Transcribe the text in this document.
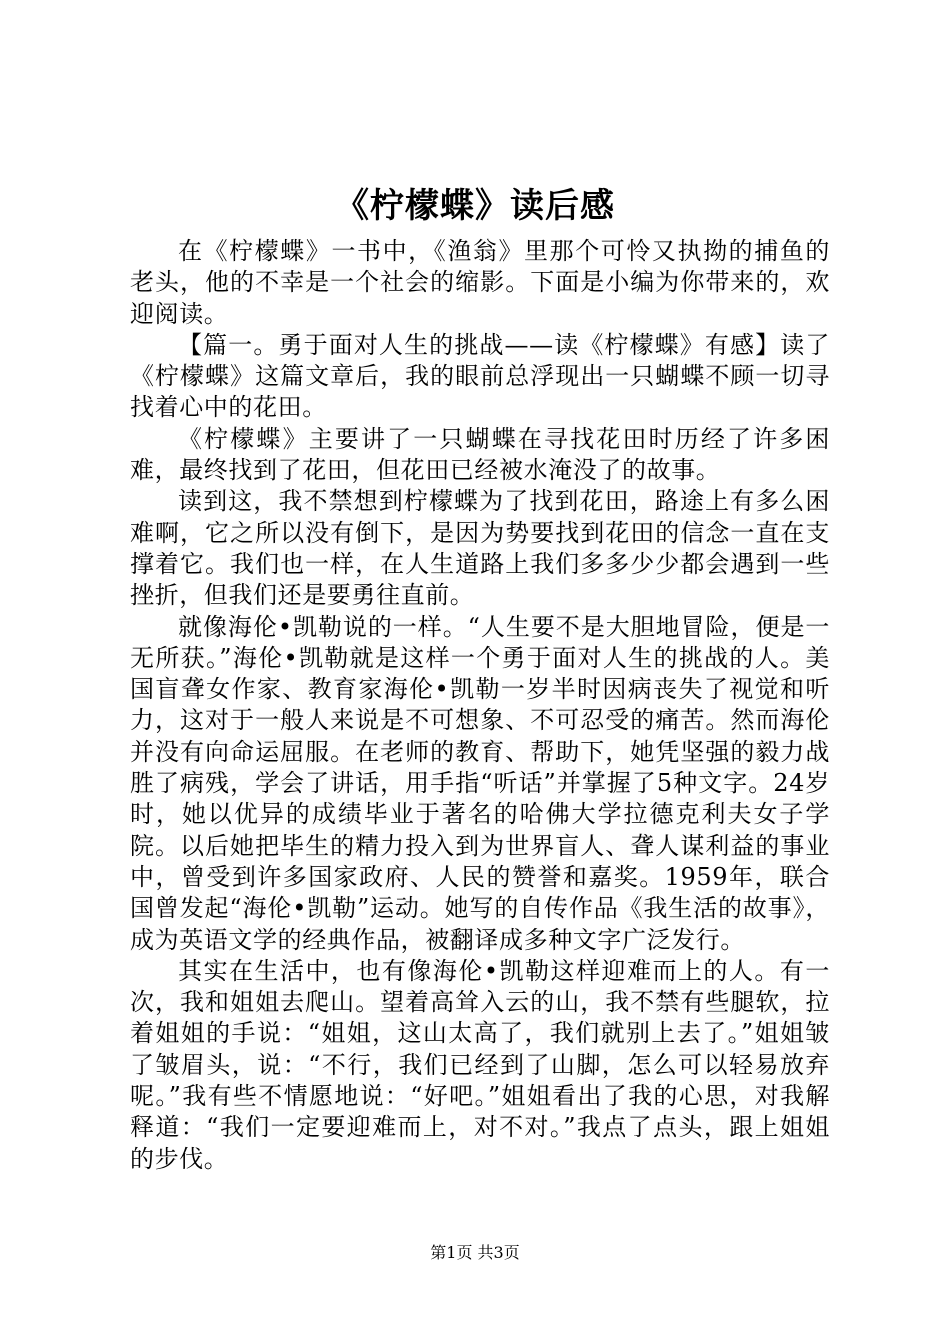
《柠檬蝶》读后感

在《柠檬蝶》一书中，《渔翁》里那个可怜又执拗的捕鱼的老头，他的不幸是一个社会的缩影。下面是小编为你带来的，欢迎阅读。

【篇一。勇于面对人生的挑战——读《柠檬蝶》有感】读了《柠檬蝶》这篇文章后，我的眼前总浮现出一只蝴蝶不顾一切寻找着心中的花田。

《柠檬蝶》主要讲了一只蝴蝶在寻找花田时历经了许多困难，最终找到了花田，但花田已经被水淹没了的故事。

读到这，我不禁想到柠檬蝶为了找到花田，路途上有多么困难啊，它之所以没有倒下，是因为势要找到花田的信念一直在支撑着它。我们也一样，在人生道路上我们多多少少都会遇到一些挫折，但我们还是要勇往直前。

就像海伦•凯勒说的一样。“人生要不是大胆地冒险，便是一无所获。”海伦•凯勒就是这样一个勇于面对人生的挑战的人。美国盲聋女作家、教育家海伦•凯勒一岁半时因病丧失了视觉和听力，这对于一般人来说是不可想象、不可忍受的痛苦。然而海伦并没有向命运屈服。在老师的教育、帮助下，她凭坚强的毅力战胜了病残，学会了讲话，用手指“听话”并掌握了5种文字。24岁时，她以优异的成绩毕业于著名的哈佛大学拉德克利夫女子学院。以后她把毕生的精力投入到为世界盲人、聋人谋利益的事业中，曾受到许多国家政府、人民的赞誉和嘉奖。1959年，联合国曾发起“海伦•凯勒”运动。她写的自传作品《我生活的故事》，成为英语文学的经典作品，被翻译成多种文字广泛发行。

其实在生活中，也有像海伦•凯勒这样迎难而上的人。有一次，我和姐姐去爬山。望着高耸入云的山，我不禁有些腿软，拉着姐姐的手说：“姐姐，这山太高了，我们就别上去了。”姐姐皱了皱眉头，说：“不行，我们已经到了山脚，怎么可以轻易放弃呢。”我有些不情愿地说：“好吧。”姐姐看出了我的心思，对我解释道：“我们一定要迎难而上，对不对。”我点了点头，跟上姐姐的步伐。

第1页 共3页
